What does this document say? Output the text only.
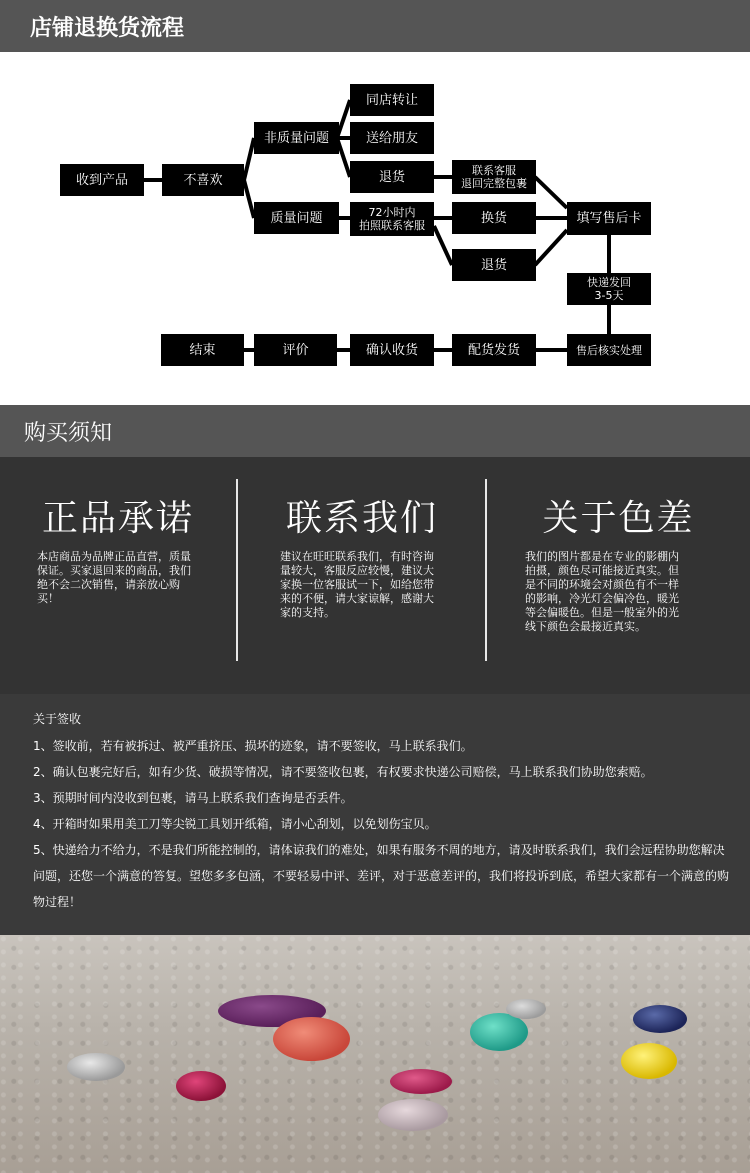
店铺退换货流程
收到产品	不喜欢
非质量问题
质量问题
同店转让
送给朋友
退货
72小时内
拍照联系客服
联系客服
退回完整包裹
换货
退货
填写售后卡
快递发回
3-5天
售后核实处理
配货发货
确认收货
评价
结束
购买须知
正品承诺

本店商品为品牌正品直营，质量保证。买家退回来的商品，我们绝不会二次销售，请亲放心购买！

联系我们

建议在旺旺联系我们，有时咨询量较大，客服反应较慢，建议大家换一位客服试一下，如给您带来的不便，请大家谅解，感谢大家的支持。

关于色差

我们的图片都是在专业的影棚内拍摄，颜色尽可能接近真实。但是不同的环境会对颜色有不一样的影响，冷光灯会偏冷色，暖光等会偏暖色。但是一般室外的光线下颜色会最接近真实。

关于签收
1、签收前，若有被拆过、被严重挤压、损坏的迹象，请不要签收，马上联系我们。
2、确认包裹完好后，如有少货、破损等情况，请不要签收包裹，有权要求快递公司赔偿，马上联系我们协助您索赔。
3、预期时间内没收到包裹，请马上联系我们查询是否丢件。
4、开箱时如果用美工刀等尖锐工具划开纸箱，请小心刮划，以免划伤宝贝。
5、快递给力不给力，不是我们所能控制的，请体谅我们的难处，如果有服务不周的地方，请及时联系我们，我们会远程协助您解决问题，还您一个满意的答复。望您多多包涵，不要轻易中评、差评，对于恶意差评的，我们将投诉到底，希望大家都有一个满意的购物过程！
